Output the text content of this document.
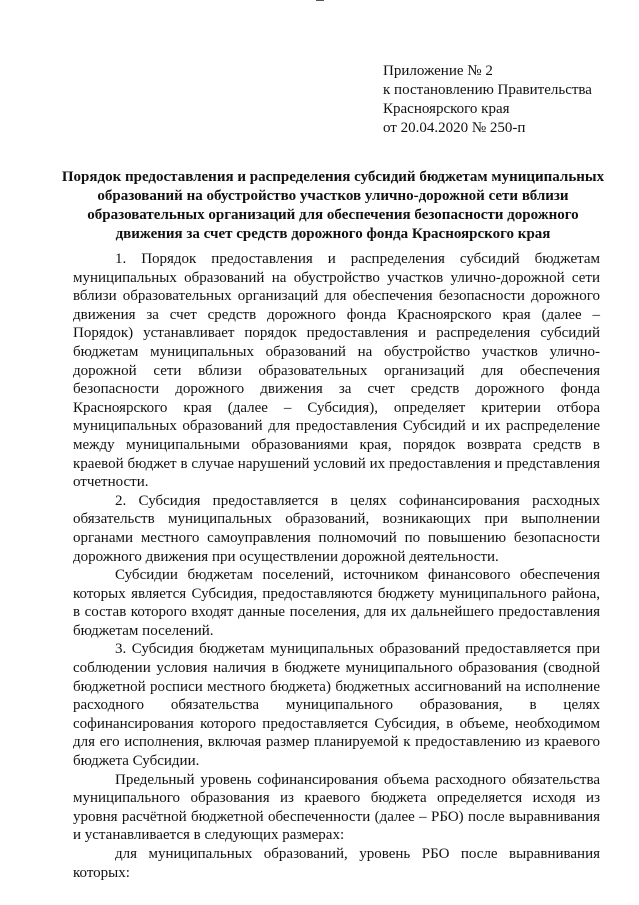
Приложение № 2
к постановлению Правительства
Красноярского края
от 20.04.2020 № 250-п
Порядок предоставления и распределения субсидий бюджетам муниципальных образований на обустройство участков улично-дорожной сети вблизи образовательных организаций для обеспечения безопасности дорожного движения за счет средств дорожного фонда Красноярского края

1. Порядок предоставления и распределения субсидий бюджетам муниципальных образований на обустройство участков улично-дорожной сети вблизи образовательных организаций для обеспечения безопасности дорожного движения за счет средств дорожного фонда Красноярского края (далее – Порядок) устанавливает порядок предоставления и распределения субсидий бюджетам муниципальных образований на обустройство участков улично-дорожной сети вблизи образовательных организаций для обеспечения безопасности дорожного движения за счет средств дорожного фонда Красноярского края (далее – Субсидия), определяет критерии отбора муниципальных образований для предоставления Субсидий и их распределение между муниципальными образованиями края, порядок возврата средств в краевой бюджет в случае нарушений условий их предоставления и представления отчетности.

2. Субсидия предоставляется в целях софинансирования расходных обязательств муниципальных образований, возникающих при выполнении органами местного самоуправления полномочий по повышению безопасности дорожного движения при осуществлении дорожной деятельности.

Субсидии бюджетам поселений, источником финансового обеспечения которых является Субсидия, предоставляются бюджету муниципального района, в состав которого входят данные поселения, для их дальнейшего предоставления бюджетам поселений.

3. Субсидия бюджетам муниципальных образований предоставляется при соблюдении условия наличия в бюджете муниципального образования (сводной бюджетной росписи местного бюджета) бюджетных ассигнований на исполнение расходного обязательства муниципального образования, в целях софинансирования которого предоставляется Субсидия, в объеме, необходимом для его исполнения, включая размер планируемой к предоставлению из краевого бюджета Субсидии.

Предельный уровень софинансирования объема расходного обязательства муниципального образования из краевого бюджета определяется исходя из уровня расчётной бюджетной обеспеченности (далее – РБО) после выравнивания и устанавливается в следующих размерах:

для муниципальных образований, уровень РБО после выравнивания которых:
